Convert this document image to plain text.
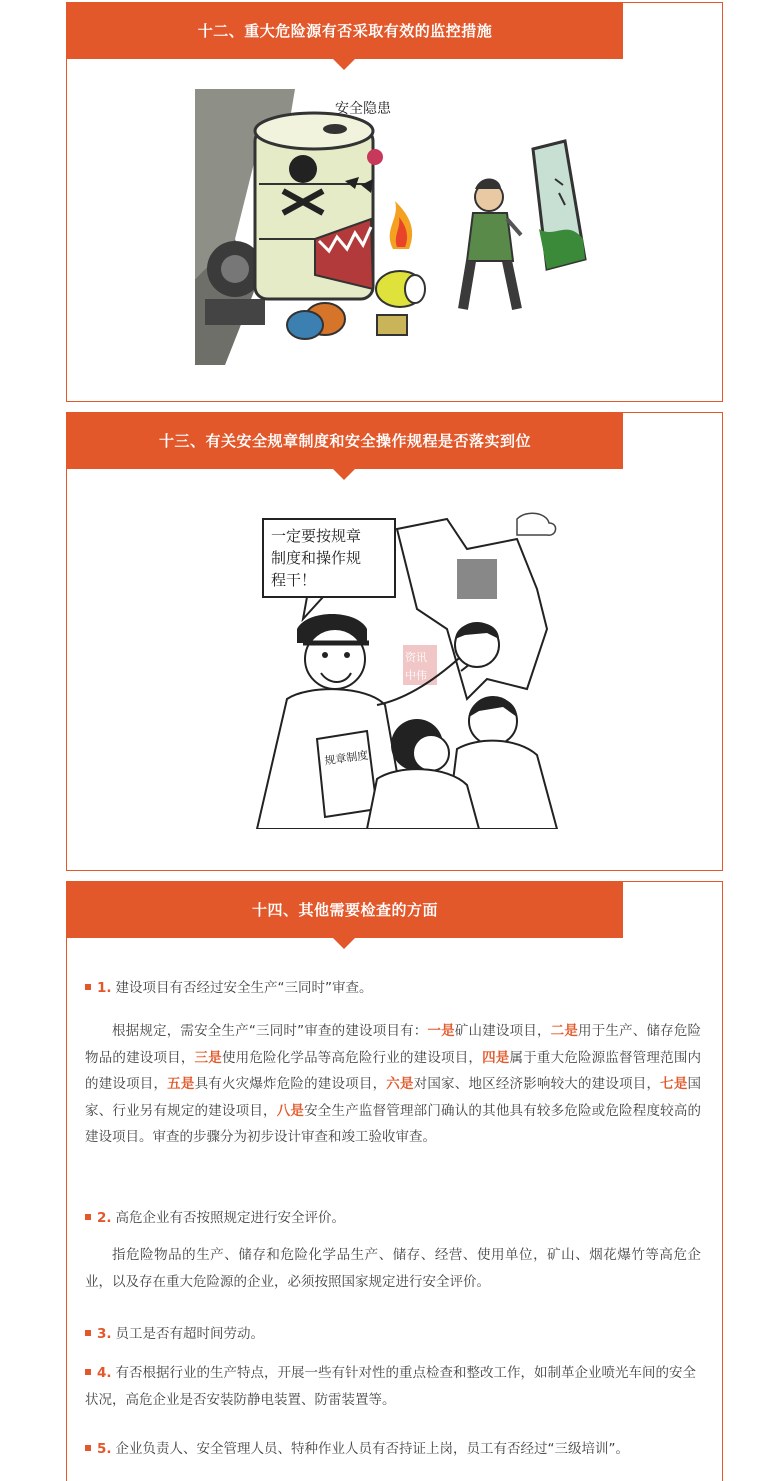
十二、重大危险源有否采取有效的监控措施
安全隐患
十三、有关安全规章制度和安全操作规程是否落实到位
一定要按规章
制度和操作规
程干！
资讯
中伟
规章制度
十四、其他需要检查的方面
1. 建设项目有否经过安全生产“三同时”审查。
根据规定，需安全生产“三同时”审查的建设项目有：一是矿山建设项目，二是用于生产、储存危险物品的建设项目，三是使用危险化学品等高危险行业的建设项目，四是属于重大危险源监督管理范围内的建设项目，五是具有火灾爆炸危险的建设项目，六是对国家、地区经济影响较大的建设项目，七是国家、行业另有规定的建设项目，八是安全生产监督管理部门确认的其他具有较多危险或危险程度较高的建设项目。审查的步骤分为初步设计审查和竣工验收审查。
2. 高危企业有否按照规定进行安全评价。
指危险物品的生产、储存和危险化学品生产、储存、经营、使用单位，矿山、烟花爆竹等高危企业，以及存在重大危险源的企业，必须按照国家规定进行安全评价。
3. 员工是否有超时间劳动。
4. 有否根据行业的生产特点，开展一些有针对性的重点检查和整改工作，如制革企业喷光车间的安全状况，高危企业是否安装防静电装置、防雷装置等。
5. 企业负责人、安全管理人员、特种作业人员有否持证上岗，员工有否经过“三级培训”。
